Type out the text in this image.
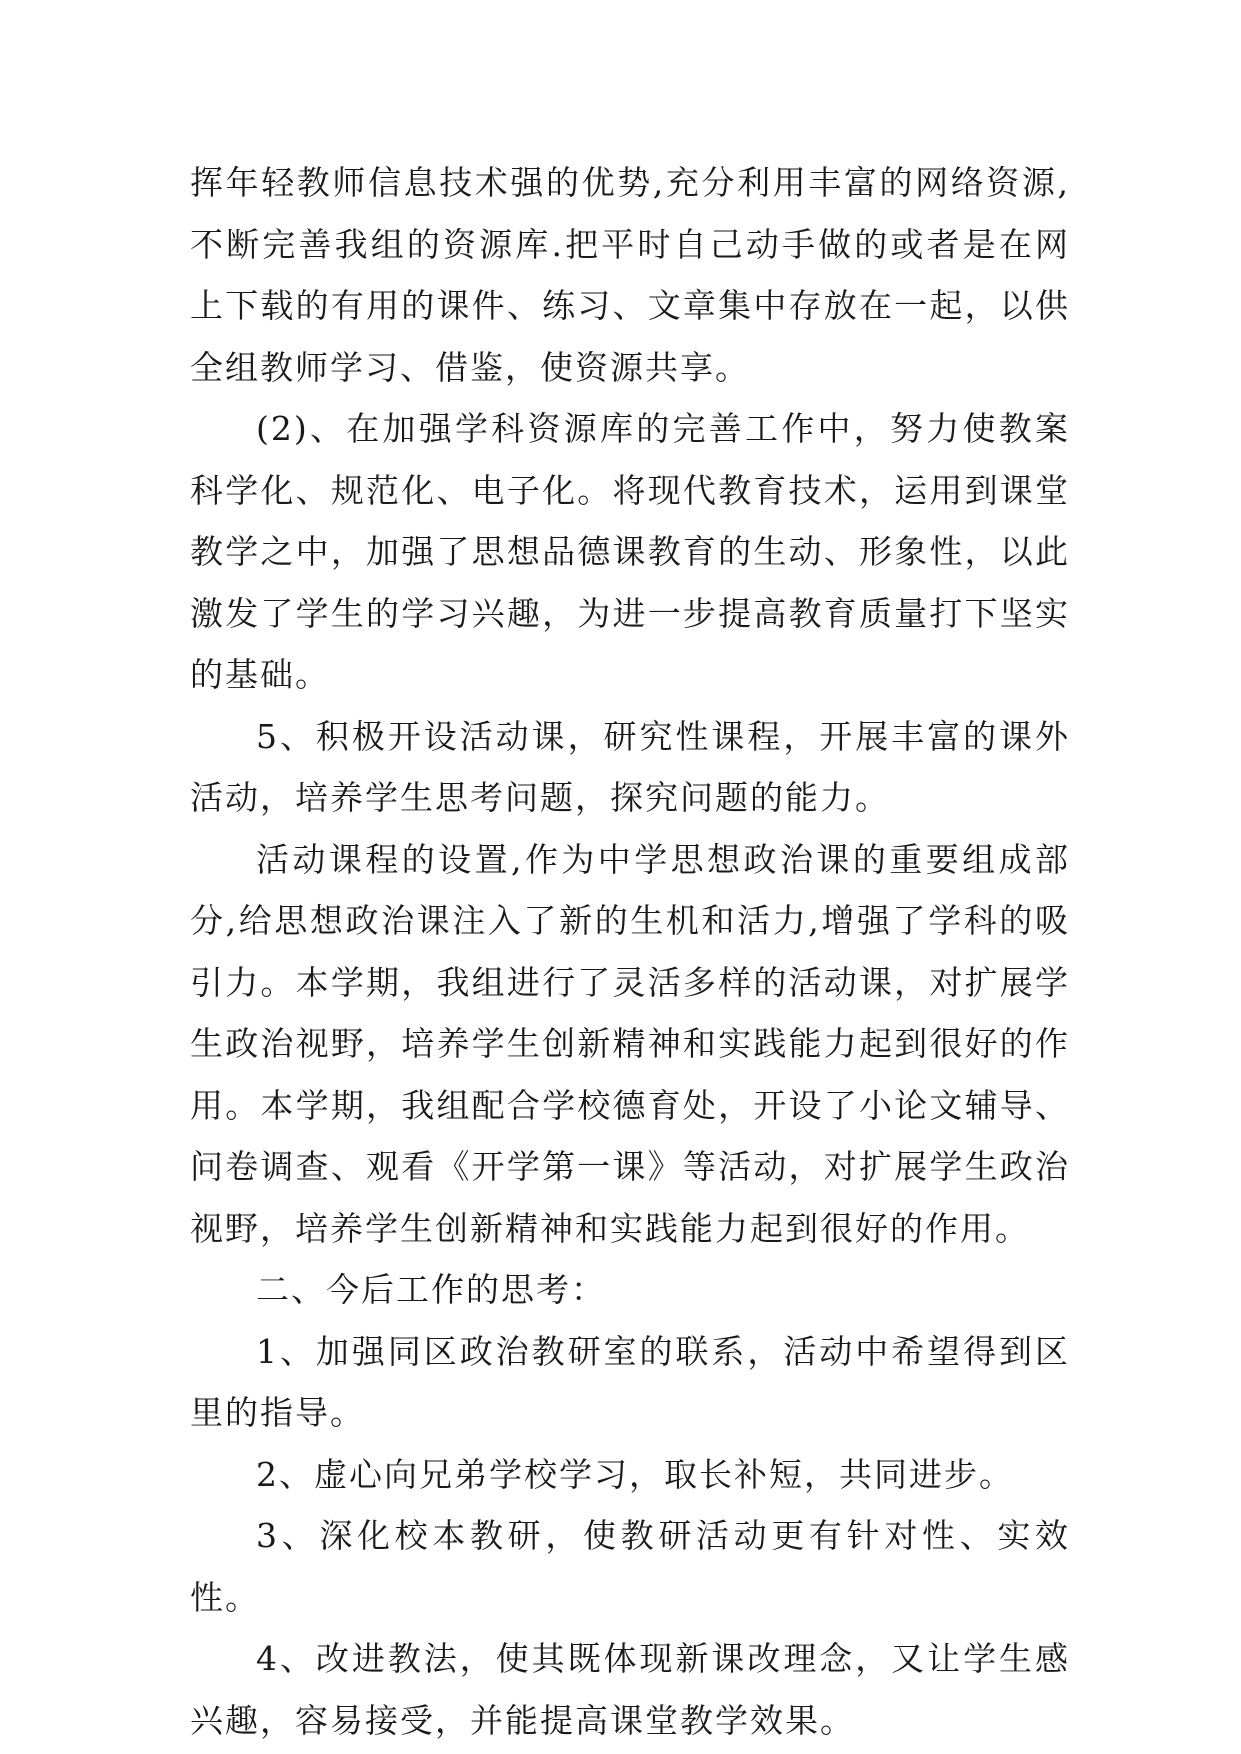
挥年轻教师信息技术强的优势,充分利用丰富的网络资源,不断完善我组的资源库.把平时自己动手做的或者是在网上下载的有用的课件、练习、文章集中存放在一起，以供全组教师学习、借鉴，使资源共享。

(2)、在加强学科资源库的完善工作中，努力使教案科学化、规范化、电子化。将现代教育技术，运用到课堂教学之中，加强了思想品德课教育的生动、形象性，以此激发了学生的学习兴趣，为进一步提高教育质量打下坚实的基础。

5、积极开设活动课，研究性课程，开展丰富的课外活动，培养学生思考问题，探究问题的能力。

活动课程的设置,作为中学思想政治课的重要组成部分,给思想政治课注入了新的生机和活力,增强了学科的吸引力。本学期，我组进行了灵活多样的活动课，对扩展学生政治视野，培养学生创新精神和实践能力起到很好的作用。本学期，我组配合学校德育处，开设了小论文辅导、问卷调查、观看《开学第一课》等活动，对扩展学生政治视野，培养学生创新精神和实践能力起到很好的作用。

二、今后工作的思考：

1、加强同区政治教研室的联系，活动中希望得到区里的指导。

2、虚心向兄弟学校学习，取长补短，共同进步。

3、深化校本教研，使教研活动更有针对性、实效性。

4、改进教法，使其既体现新课改理念，又让学生感兴趣，容易接受，并能提高课堂教学效果。
